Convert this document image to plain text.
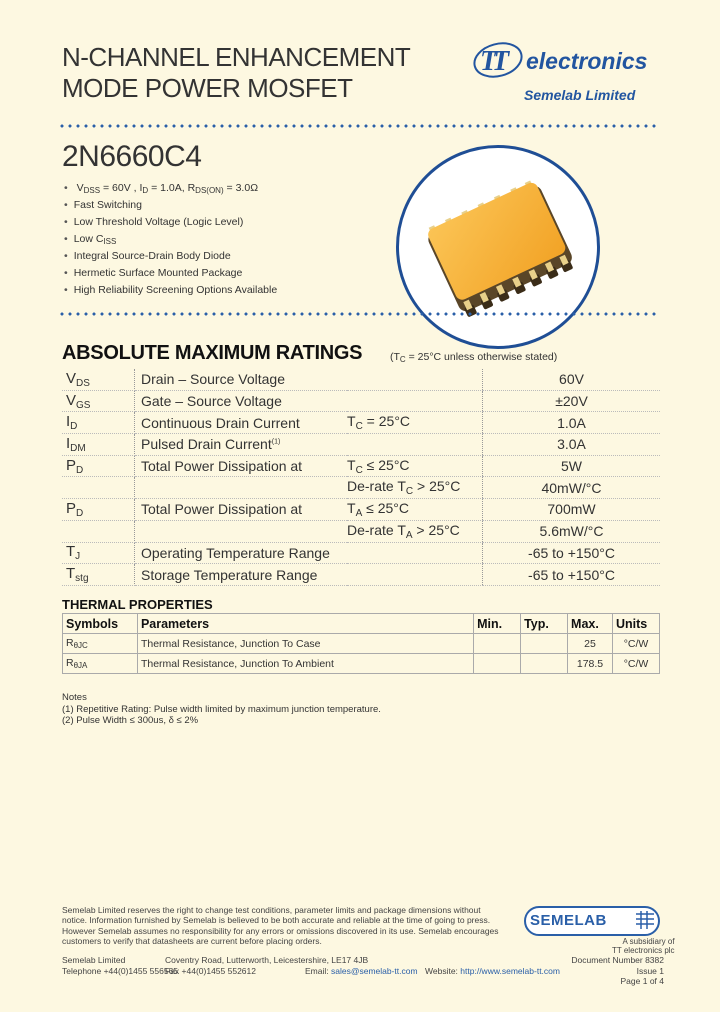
N-CHANNEL ENHANCEMENT
MODE POWER MOSFET
T
T electronics
Semelab Limited
2N6660C4
• $V_{DSS} = 60V$ , $I_D = 1.0A$, $R_{DS(ON)} = 3.0\Omega$
• Fast Switching
• Low Threshold Voltage (Logic Level)
• Low $C_{ISS}$
• Integral Source-Drain Body Diode
• Hermetic Surface Mounted Package
• High Reliability Screening Options Available
ABSOLUTE MAXIMUM RATINGS	($T_C = 25^\circ C$ unless otherwise stated)
$V_{DS}$	Drain – Source Voltage		60V
$V_{GS}$	Gate – Source Voltage		±20V
$I_D$	Continuous Drain Current	$T_C = 25^\circ C$	1.0A
$I_{DM}$	Pulsed Drain Current$^{(1)}$		3.0A
$P_D$	Total Power Dissipation at	$T_C \le 25^\circ C$	5W
		De-rate $T_C > 25^\circ C$	40mW/°C
$P_D$	Total Power Dissipation at	$T_A \le 25^\circ C$	700mW
		De-rate $T_A > 25^\circ C$	5.6mW/°C
$T_J$	Operating Temperature Range		-65 to +150°C
$T_{stg}$	Storage Temperature Range		-65 to +150°C
THERMAL PROPERTIES
Symbols	Parameters	Min.	Typ.	Max.	Units
$R_{\theta JC}$	Thermal Resistance, Junction To Case			25	°C/W
$R_{\theta JA}$	Thermal Resistance, Junction To Ambient			178.5	°C/W
Notes
(1) Repetitive Rating: Pulse width limited by maximum junction temperature.
(2) Pulse Width ≤ 300us, δ ≤ 2%
Semelab Limited reserves the right to change test conditions, parameter limits and package dimensions without notice. Information furnished by Semelab is believed to be both accurate and reliable at the time of going to press. However Semelab assumes no responsibility for any errors or omissions discovered in its use. Semelab encourages customers to verify that datasheets are current before placing orders.
SEMELAB
A subsidiary of
TT electronics plc
Semelab Limited
Telephone +44(0)1455 556565
Coventry Road, Lutterworth, Leicestershire, LE17 4JB
Fax +44(0)1455 552612	Email: sales@semelab-tt.com Website: http://www.semelab-tt.com
Document Number 8382
Issue 1
Page 1 of 4
